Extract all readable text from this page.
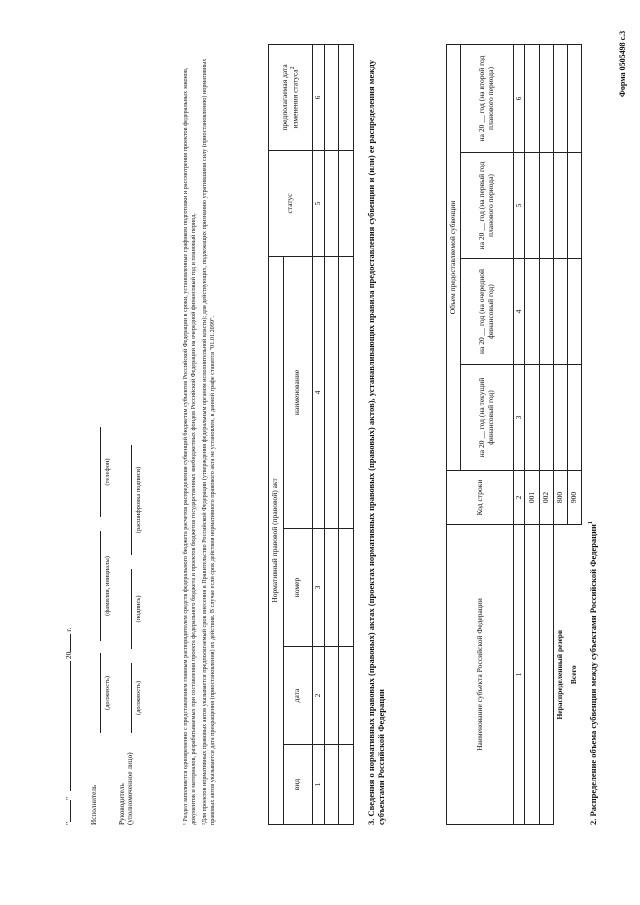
Форма 0505498 с.3
2. Распределение объема субвенции между субъектами Российской Федерации$^1$
Наименование субъекта Российской Федерации	Код строки	Объем предоставляемой субвенции			
		на 20 __ год (на текущий финансовый год)	на 20 __ год (на очередной финансовый год)	на 20 __ год (на первый год планового периода)	на 20 __ год (на второй год планового периода)
1	2	3	4	5	6
	001				
	002				
Нераспределенный резерв	800				
Всего	900				
3. Сведения о нормативных правовых (правовых) актах (проектах нормативных правовых (правовых) актов), устанавливающих правила предоставления субвенции и (или) ее распределения между субъектами Российской Федерации
Нормативный правовой (правовой) акт				статус	предполагаемая дата изменения статуса$^2$
вид	дата	номер	наименование		
1	2	3	4	5	6

¹ Раздел заполняется одновременно с представлением главным распорядителем средств федерального бюджета расчетов распределения субвенций бюджетам субъектов Российской Федерации в сроки, установленные графиком подготовки и рассмотрения проектов федеральных законов, документов и материалов, разрабатываемых при составлении проекта федерального бюджета и проектов бюджетов государственных внебюджетных фондов Российской Федерации на очередной финансовый год и плановый период. ²Для проектов нормативных правовых актов указывается предполагаемый срок внесения в Правительство Российской Федерации (утверждения федеральным органом исполнительной власти); для действующих, подлежащих признанию утратившими силу (приостановлению) нормативных правовых актов указывается дата прекращения (приостановления) их действия. В случае если срок действия нормативного правового акта не установлен, в данной графе ставится "01.01.2099".
Руководитель (уполномоченное лицо)
(должность)
(подпись)
(расшифровка подписи)
Исполнитель
(должность)
(фамилия, инициалы)
(телефон)
""  20 г.
